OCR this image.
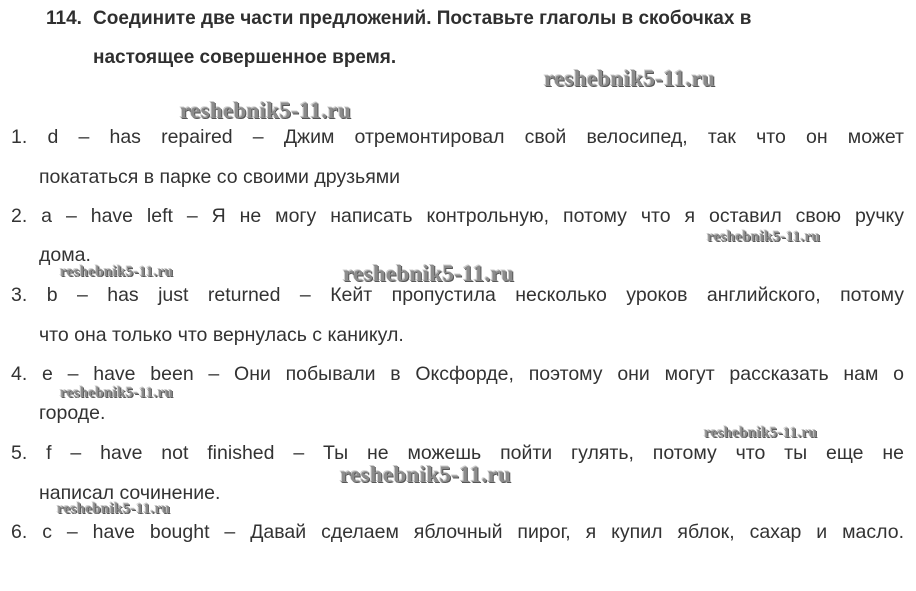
114. Соедините две части предложений. Поставьте глаголы в скобочках в
настоящее совершенное время.
1. d – has repaired – Джим отремонтировал свой велосипед, так что он может
покататься в парке со своими друзьями
2. a – have left – Я не могу написать контрольную, потому что я оставил свою ручку
дома.
3. b – has just returned – Кейт пропустила несколько уроков английского, потому
что она только что вернулась с каникул.
4. e – have been – Они побывали в Оксфорде, поэтому они могут рассказать нам о
городе.
5. f – have not finished – Ты не можешь пойти гулять, потому что ты еще не
написал сочинение.
6. c – have bought – Давай сделаем яблочный пирог, я купил яблок, сахар и масло.
reshebnik5-11.ru
reshebnik5-11.ru
reshebnik5-11.ru
reshebnik5-11.ru	reshebnik5-11.ru
reshebnik5-11.ru
reshebnik5-11.ru
reshebnik5-11.ru
reshebnik5-11.ru
